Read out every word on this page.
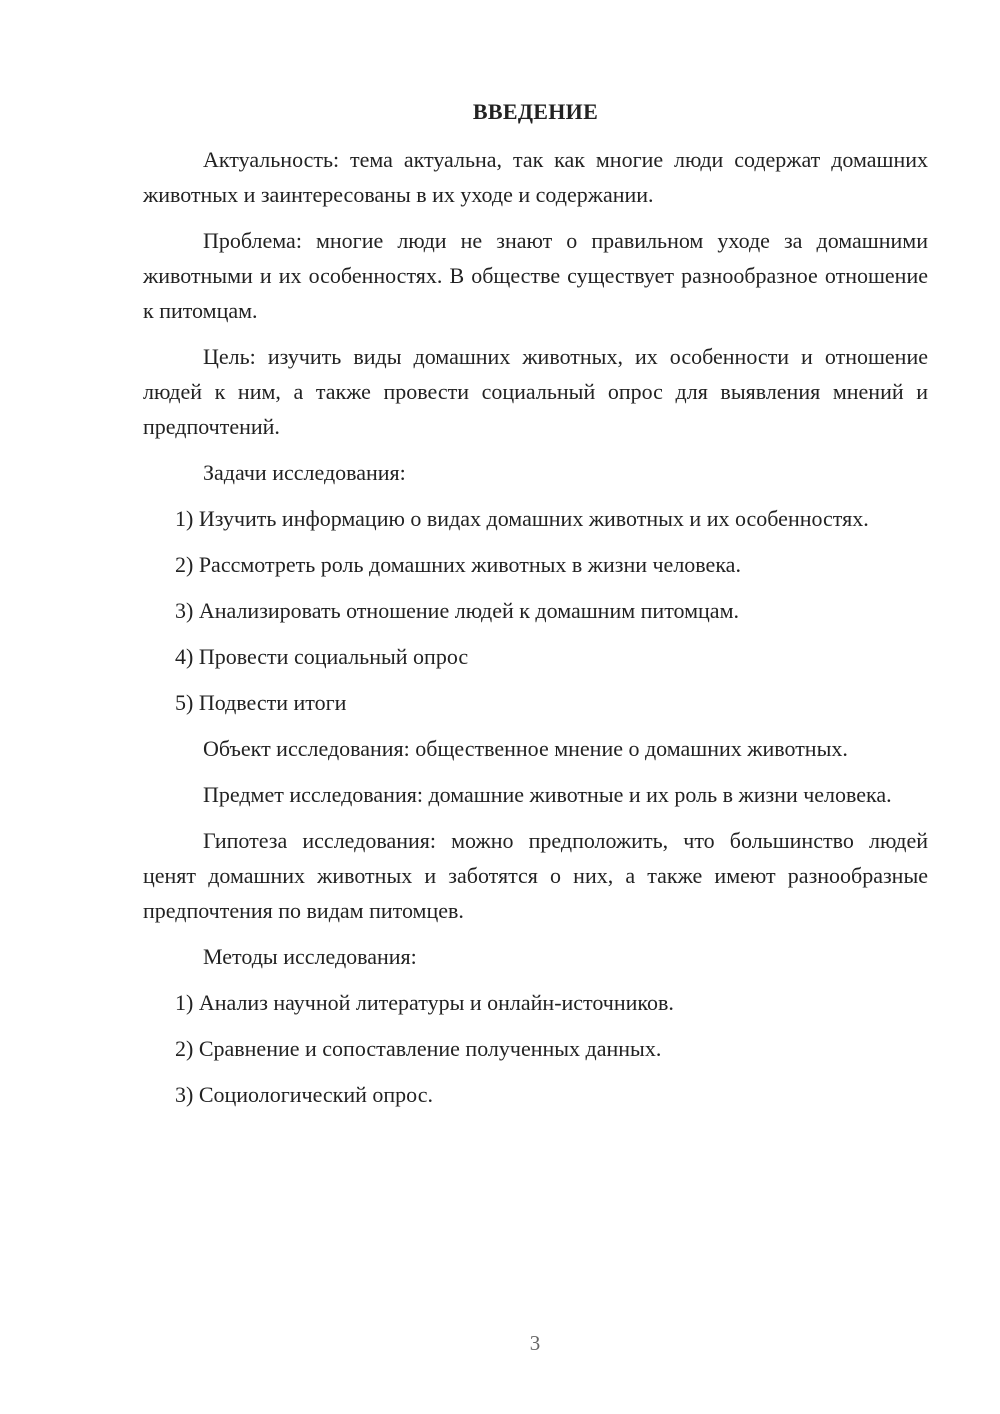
ВВЕДЕНИЕ

Актуальность: тема актуальна, так как многие люди содержат домашних животных и заинтересованы в их уходе и содержании.

Проблема: многие люди не знают о правильном уходе за домашними животными и их особенностях. В обществе существует разнообразное отношение к питомцам.

Цель: изучить виды домашних животных, их особенности и отношение людей к ним, а также провести социальный опрос для выявления мнений и предпочтений.

Задачи исследования:

1) Изучить информацию о видах домашних животных и их особенностях.

2) Рассмотреть роль домашних животных в жизни человека.

3) Анализировать отношение людей к домашним питомцам.

4) Провести социальный опрос

5) Подвести итоги

Объект исследования: общественное мнение о домашних животных.

Предмет исследования: домашние животные и их роль в жизни человека.

Гипотеза исследования: можно предположить, что большинство людей ценят домашних животных и заботятся о них, а также имеют разнообразные предпочтения по видам питомцев.

Методы исследования:

1) Анализ научной литературы и онлайн-источников.

2) Сравнение и сопоставление полученных данных.

3) Социологический опрос.

3
